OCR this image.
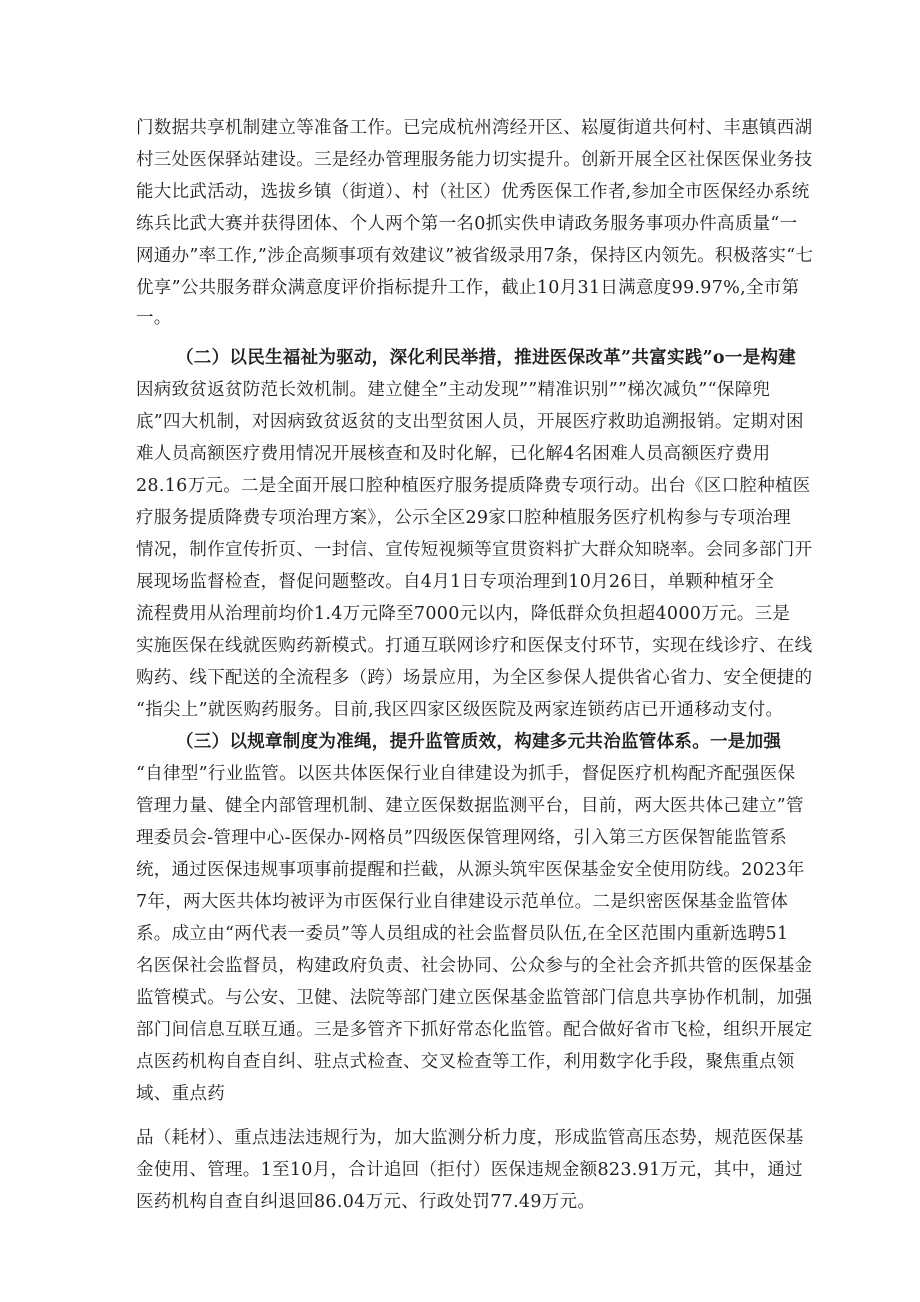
门数据共享机制建立等准备工作。已完成杭州湾经开区、崧厦街道共何村、丰惠镇西湖
村三处医保驿站建设。三是经办管理服务能力切实提升。创新开展全区社保医保业务技
能大比武活动，选拔乡镇（街道）、村（社区）优秀医保工作者,参加全市医保经办系统
练兵比武大赛并获得团体、个人两个第一名0抓实佚申请政务服务事项办件高质量“一
网通办”率工作,”涉企高频事项有效建议”被省级录用7条，保持区内领先。积极落实“七
优享”公共服务群众满意度评价指标提升工作，截止10月31日满意度99.97%,全市第
一。
（二）以民生福祉为驱动，深化利民举措，推进医保改革”共富实践”o一是构建
因病致贫返贫防范长效机制。建立健全”主动发现””精准识别””梯次减负”“保障兜
底”四大机制，对因病致贫返贫的支出型贫困人员，开展医疗救助追溯报销。定期对困
难人员高额医疗费用情况开展核查和及时化解，已化解4名困难人员高额医疗费用
28.16万元。二是全面开展口腔种植医疗服务提质降费专项行动。出台《区口腔种植医
疗服务提质降费专项治理方案》，公示全区29家口腔种植服务医疗机构参与专项治理
情况，制作宣传折页、一封信、宣传短视频等宣贯资料扩大群众知晓率。会同多部门开
展现场监督检查，督促问题整改。自4月1日专项治理到10月26日，单颗种植牙全
流程费用从治理前均价1.4万元降至7000元以内，降低群众负担超4000万元。三是
实施医保在线就医购药新模式。打通互联网诊疗和医保支付环节，实现在线诊疗、在线
购药、线下配送的全流程多（跨）场景应用，为全区参保人提供省心省力、安全便捷的
“指尖上”就医购药服务。目前,我区四家区级医院及两家连锁药店已开通移动支付。
（三）以规章制度为准绳，提升监管质效，构建多元共治监管体系。一是加强
“自律型”行业监管。以医共体医保行业自律建设为抓手，督促医疗机构配齐配强医保
管理力量、健全内部管理机制、建立医保数据监测平台，目前，两大医共体己建立”管
理委员会-管理中心-医保办-网格员”四级医保管理网络，引入第三方医保智能监管系
统，通过医保违规事项事前提醒和拦截，从源头筑牢医保基金安全使用防线。2023年
7年，两大医共体均被评为市医保行业自律建设示范单位。二是织密医保基金监管体
系。成立由“两代表一委员”等人员组成的社会监督员队伍,在全区范围内重新选聘51
名医保社会监督员，构建政府负责、社会协同、公众参与的全社会齐抓共管的医保基金
监管模式。与公安、卫健、法院等部门建立医保基金监管部门信息共享协作机制，加强
部门间信息互联互通。三是多管齐下抓好常态化监管。配合做好省市飞检，组织开展定
点医药机构自查自纠、驻点式检查、交叉检查等工作，利用数字化手段，聚焦重点领
域、重点药
品（耗材）、重点违法违规行为，加大监测分析力度，形成监管高压态势，规范医保基
金使用、管理。1至10月，合计追回（拒付）医保违规金额823.91万元，其中，通过
医药机构自查自纠退回86.04万元、行政处罚77.49万元。
